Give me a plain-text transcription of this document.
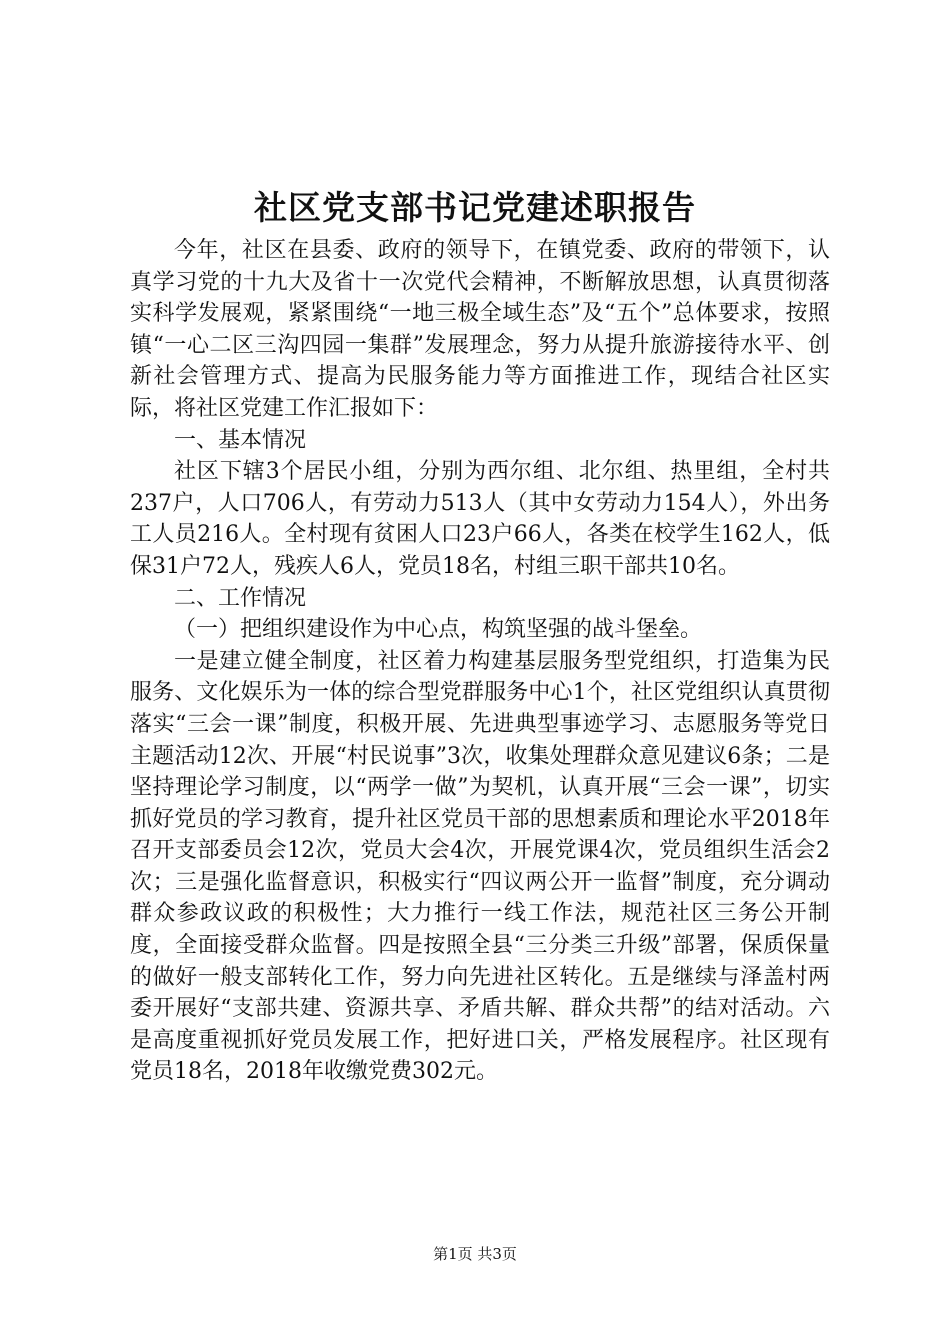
社区党支部书记党建述职报告

今年，社区在县委、政府的领导下，在镇党委、政府的带领下，认真学习党的十九大及省十一次党代会精神，不断解放思想，认真贯彻落实科学发展观，紧紧围绕“一地三极全域生态”及“五个”总体要求，按照镇“一心二区三沟四园一集群”发展理念，努力从提升旅游接待水平、创新社会管理方式、提高为民服务能力等方面推进工作，现结合社区实际，将社区党建工作汇报如下：

一、基本情况

社区下辖3个居民小组，分别为西尔组、北尔组、热里组，全村共237户，人口706人，有劳动力513人（其中女劳动力154人），外出务工人员216人。全村现有贫困人口23户66人，各类在校学生162人，低保31户72人，残疾人6人，党员18名，村组三职干部共10名。

二、工作情况

（一）把组织建设作为中心点，构筑坚强的战斗堡垒。

一是建立健全制度，社区着力构建基层服务型党组织，打造集为民服务、文化娱乐为一体的综合型党群服务中心1个，社区党组织认真贯彻落实“三会一课”制度，积极开展、先进典型事迹学习、志愿服务等党日主题活动12次、开展“村民说事”3次，收集处理群众意见建议6条；二是坚持理论学习制度，以“两学一做”为契机，认真开展“三会一课”，切实抓好党员的学习教育，提升社区党员干部的思想素质和理论水平2018年召开支部委员会12次，党员大会4次，开展党课4次，党员组织生活会2次；三是强化监督意识，积极实行“四议两公开一监督”制度，充分调动群众参政议政的积极性；大力推行一线工作法，规范社区三务公开制度，全面接受群众监督。四是按照全县“三分类三升级”部署，保质保量的做好一般支部转化工作，努力向先进社区转化。五是继续与泽盖村两委开展好“支部共建、资源共享、矛盾共解、群众共帮”的结对活动。六是高度重视抓好党员发展工作，把好进口关，严格发展程序。社区现有党员18名，2018年收缴党费302元。

第1页 共3页
